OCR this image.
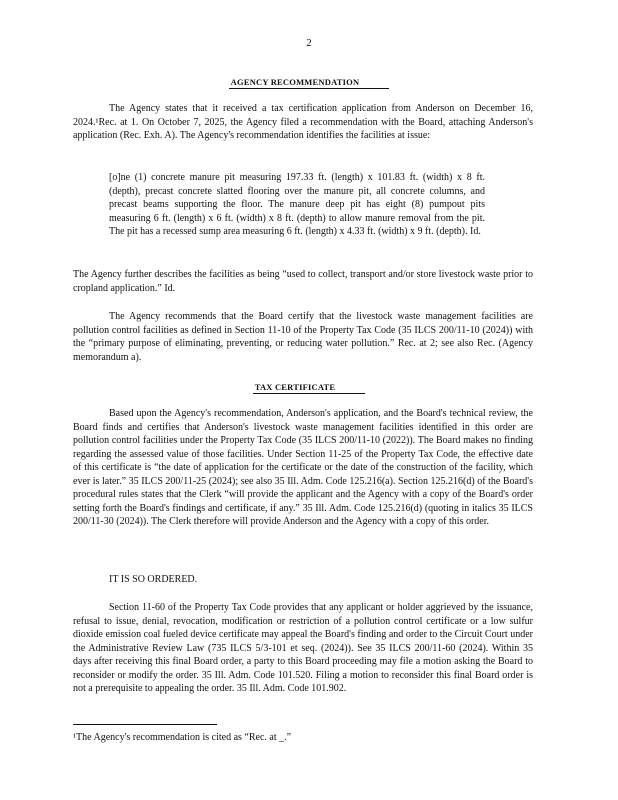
2
AGENCY RECOMMENDATION

The Agency states that it received a tax certification application from Anderson on December 16, 2024.¹Rec. at 1. On October 7, 2025, the Agency filed a recommendation with the Board, attaching Anderson's application (Rec. Exh. A). The Agency's recommendation identifies the facilities at issue:

[o]ne (1) concrete manure pit measuring 197.33 ft. (length) x 101.83 ft. (width) x 8 ft. (depth), precast concrete slatted flooring over the manure pit, all concrete columns, and precast beams supporting the floor. The manure deep pit has eight (8) pumpout pits measuring 6 ft. (length) x 6 ft. (width) x 8 ft. (depth) to allow manure removal from the pit. The pit has a recessed sump area measuring 6 ft. (length) x 4.33 ft. (width) x 9 ft. (depth). Id.

The Agency further describes the facilities as being “used to collect, transport and/or store livestock waste prior to cropland application.” Id.

The Agency recommends that the Board certify that the livestock waste management facilities are pollution control facilities as defined in Section 11-10 of the Property Tax Code (35 ILCS 200/11-10 (2024)) with the “primary purpose of eliminating, preventing, or reducing water pollution.” Rec. at 2; see also Rec. (Agency memorandum a).

TAX CERTIFICATE

Based upon the Agency's recommendation, Anderson's application, and the Board's technical review, the Board finds and certifies that Anderson's livestock waste management facilities identified in this order are pollution control facilities under the Property Tax Code (35 ILCS 200/11-10 (2022)). The Board makes no finding regarding the assessed value of those facilities. Under Section 11-25 of the Property Tax Code, the effective date of this certificate is “the date of application for the certificate or the date of the construction of the facility, which ever is later.” 35 ILCS 200/11-25 (2024); see also 35 Ill. Adm. Code 125.216(a). Section 125.216(d) of the Board's procedural rules states that the Clerk “will provide the applicant and the Agency with a copy of the Board's order setting forth the Board's findings and certificate, if any.” 35 Ill. Adm. Code 125.216(d) (quoting in italics 35 ILCS 200/11-30 (2024)). The Clerk therefore will provide Anderson and the Agency with a copy of this order.

IT IS SO ORDERED.

Section 11-60 of the Property Tax Code provides that any applicant or holder aggrieved by the issuance, refusal to issue, denial, revocation, modification or restriction of a pollution control certificate or a low sulfur dioxide emission coal fueled device certificate may appeal the Board's finding and order to the Circuit Court under the Administrative Review Law (735 ILCS 5/3-101 et seq. (2024)). See 35 ILCS 200/11-60 (2024). Within 35 days after receiving this final Board order, a party to this Board proceeding may file a motion asking the Board to reconsider or modify the order. 35 Ill. Adm. Code 101.520. Filing a motion to reconsider this final Board order is not a prerequisite to appealing the order. 35 Ill. Adm. Code 101.902.

¹The Agency's recommendation is cited as “Rec. at _.”
